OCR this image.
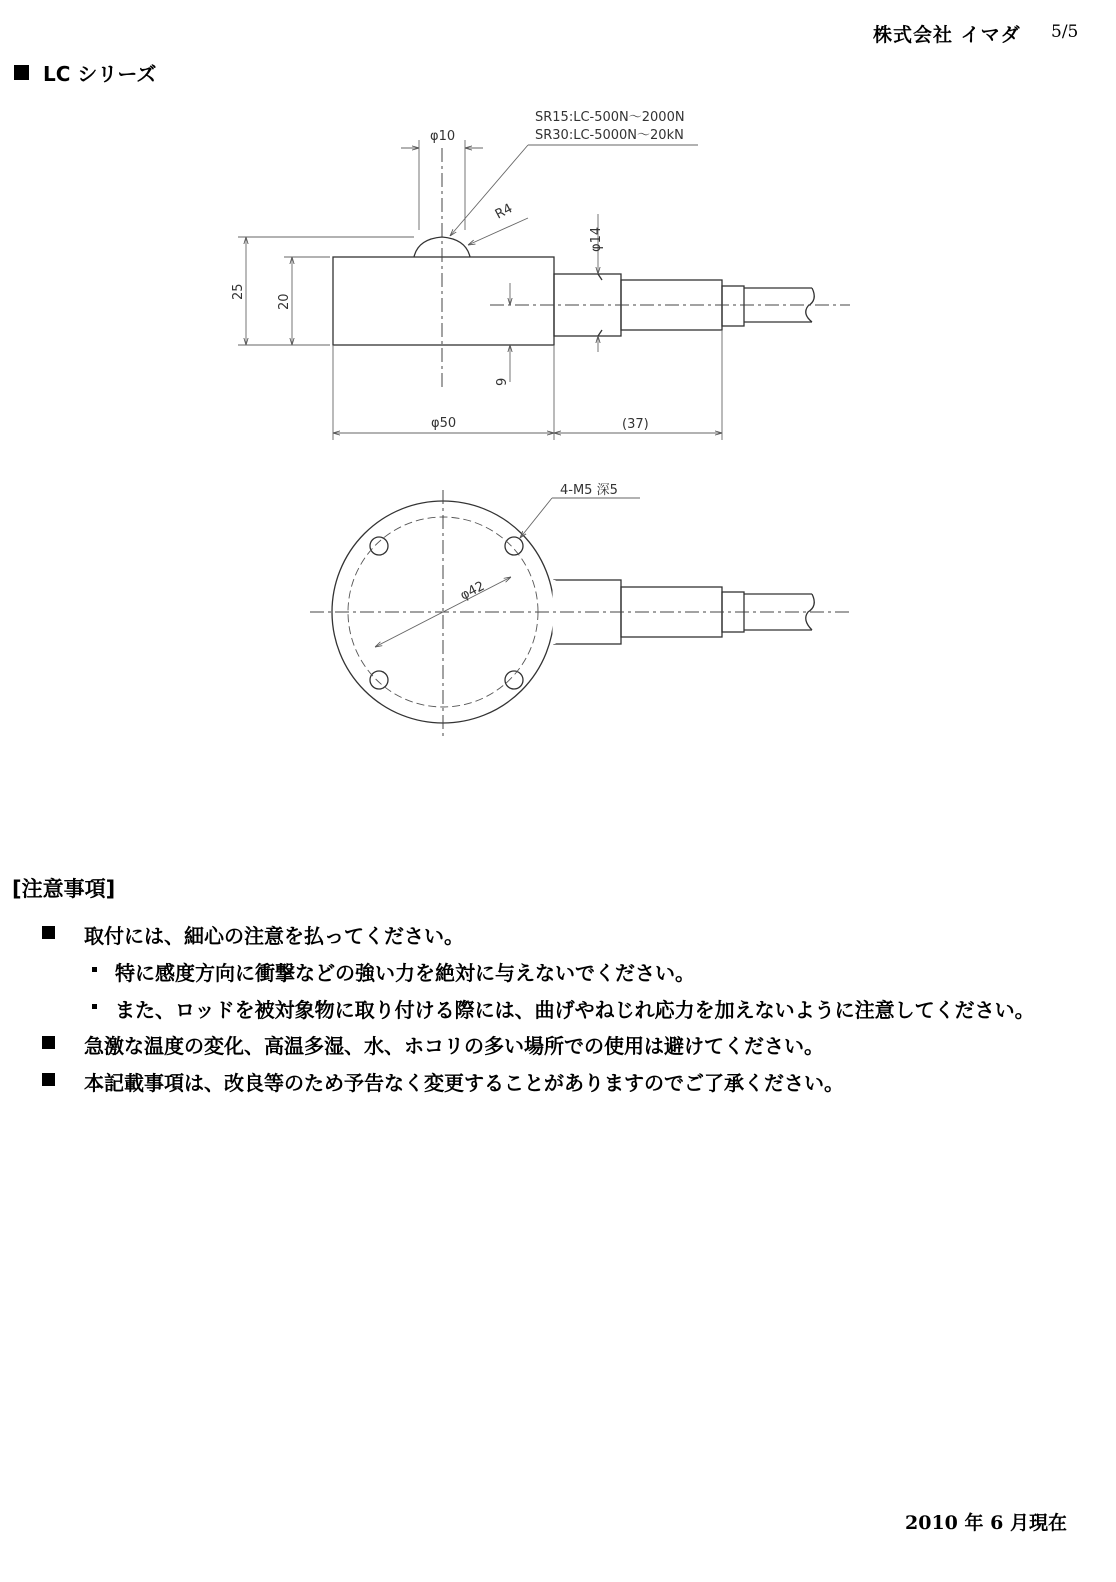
株式会社 イマダ 5/5
LC シリーズ
SR15:LC-500N～2000N
SR30:LC-5000N～20kN
φ10
R4
φ14
25
20
9
φ50	(37)
4-M5 深5
φ42
[注意事項]
取付には、細心の注意を払ってください。
特に感度方向に衝撃などの強い力を絶対に与えないでください。
また、ロッドを被対象物に取り付ける際には、曲げやねじれ応力を加えないように注意してください。
急激な温度の変化、高温多湿、水、ホコリの多い場所での使用は避けてください。
本記載事項は、改良等のため予告なく変更することがありますのでご了承ください。
2010 年 6 月現在
